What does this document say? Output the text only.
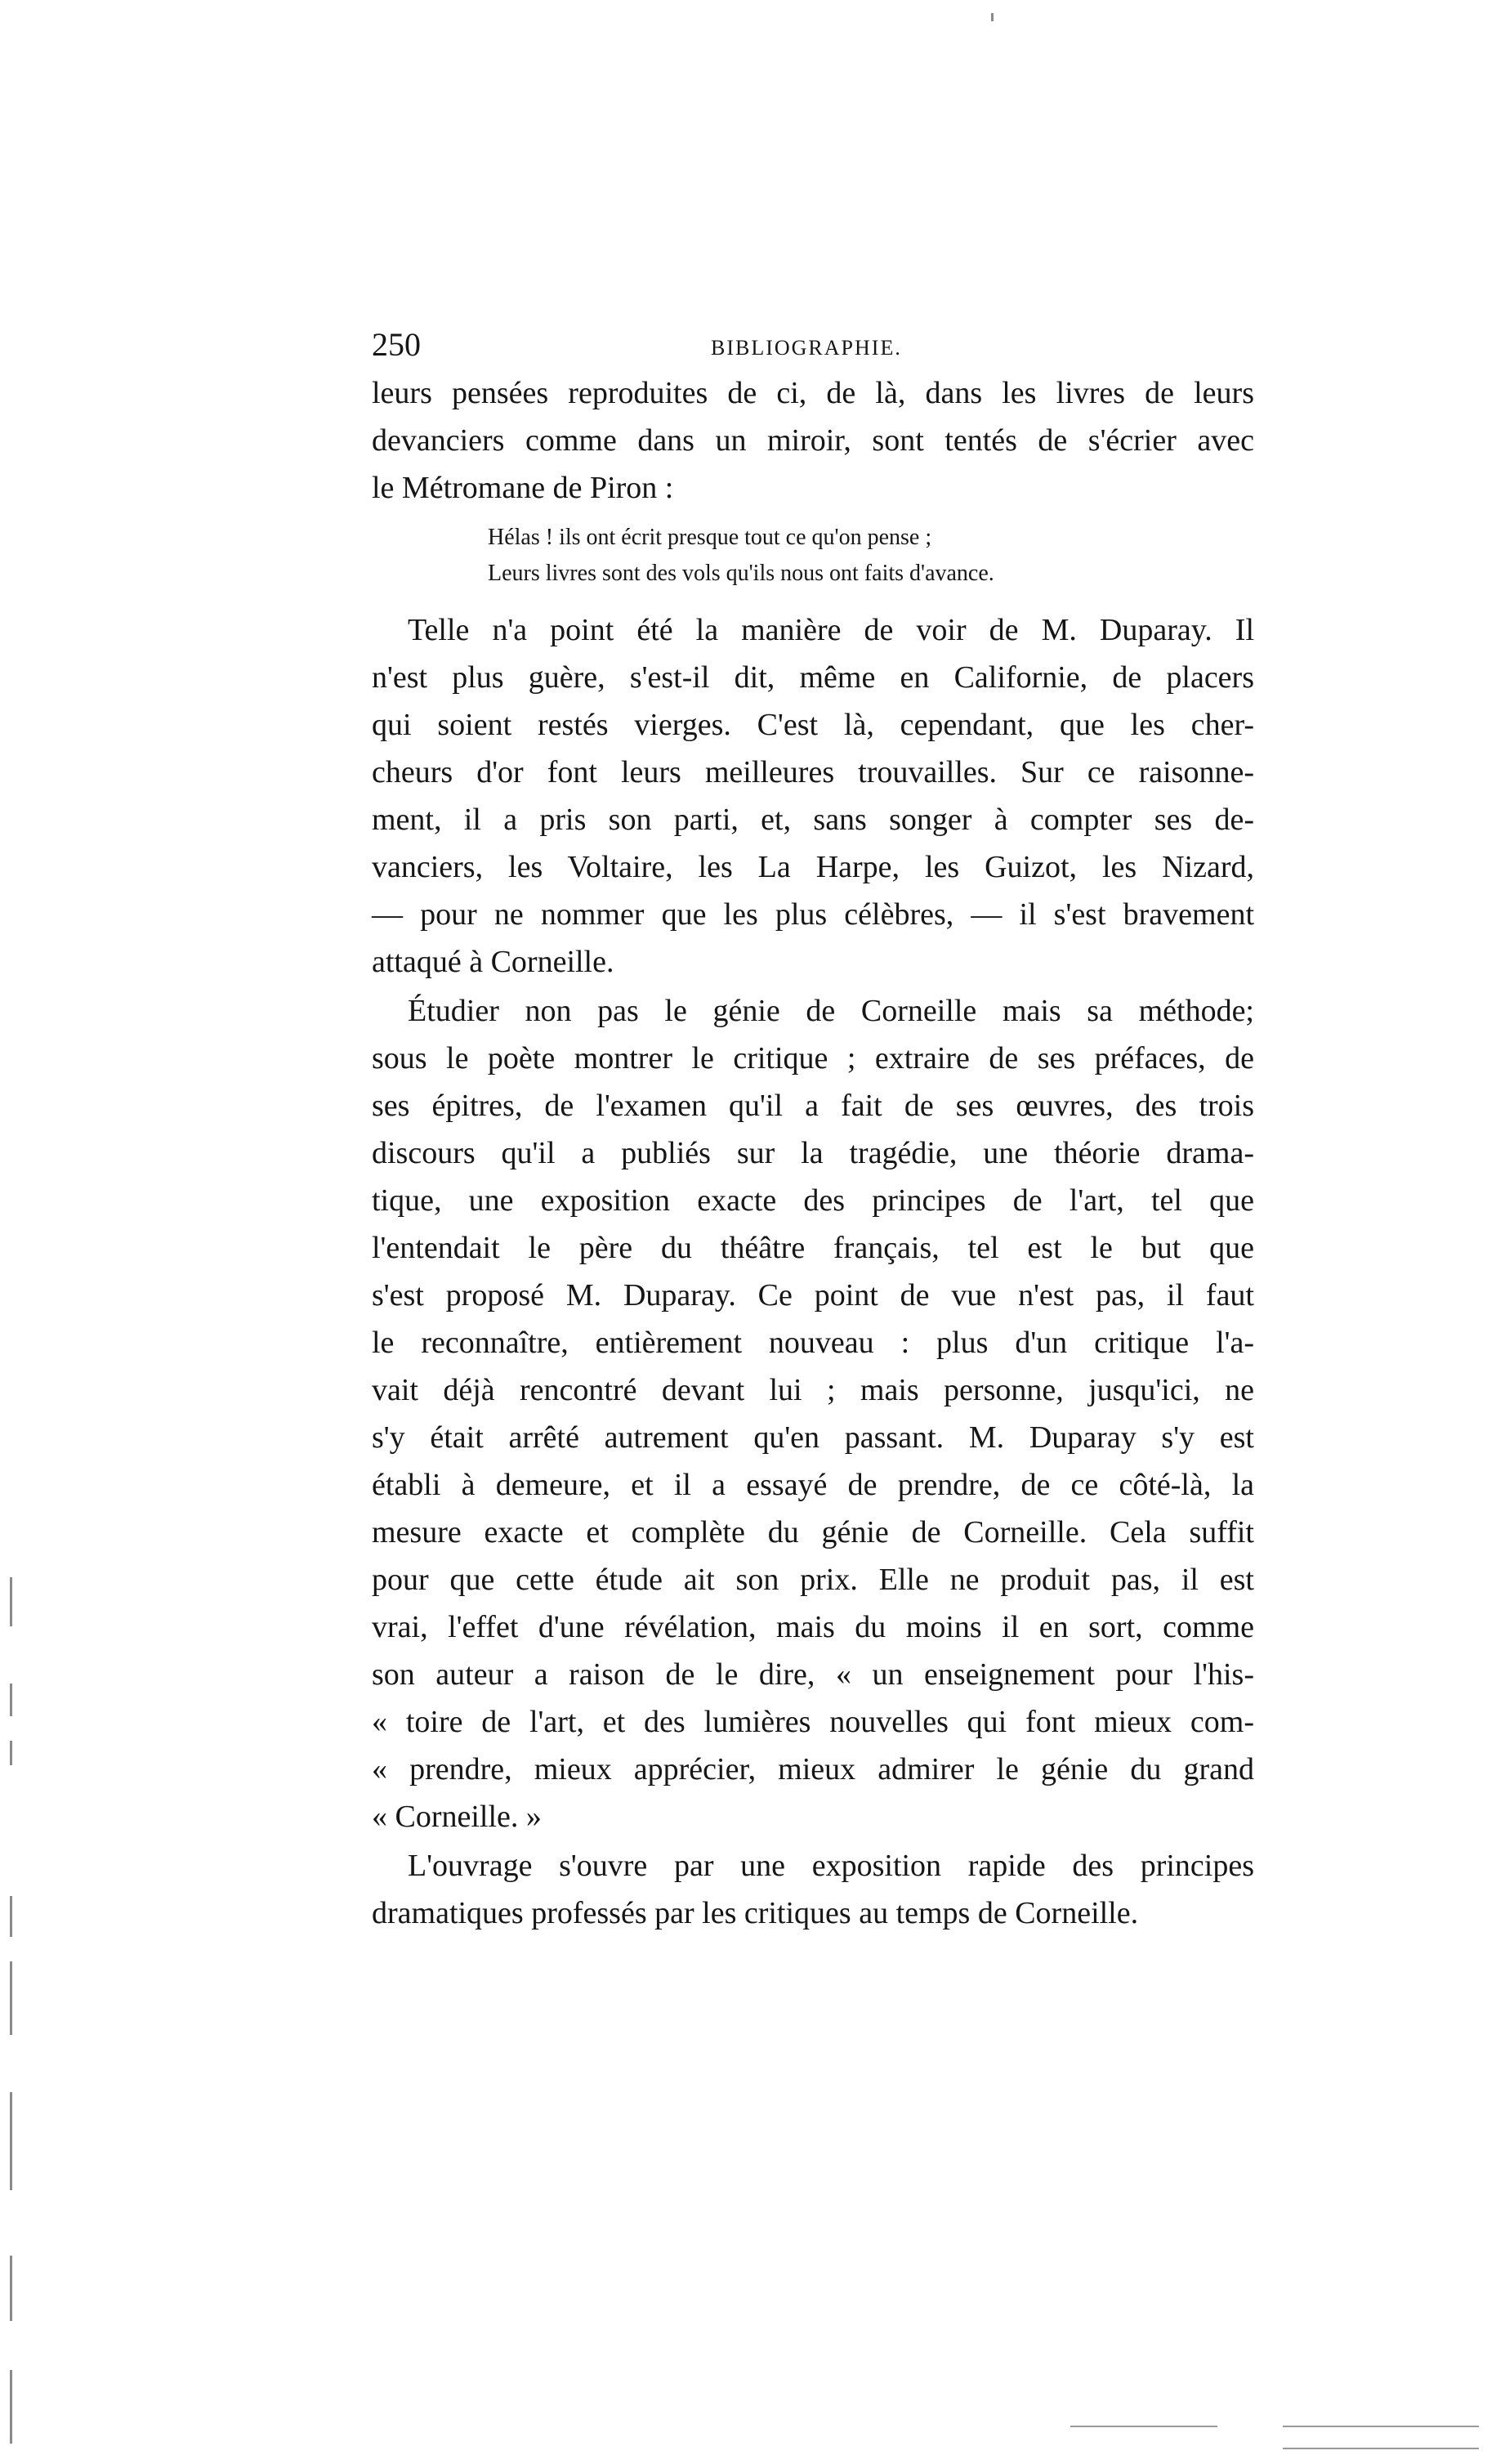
250	BIBLIOGRAPHIE.
leurs pensées reproduites de ci, de là, dans les livres de leurs
devanciers comme dans un miroir, sont tentés de s'écrier avec
le Métromane de Piron :
Hélas ! ils ont écrit presque tout ce qu'on pense ;
Leurs livres sont des vols qu'ils nous ont faits d'avance.
Telle n'a point été la manière de voir de M. Duparay. Il
n'est plus guère, s'est-il dit, même en Californie, de placers
qui soient restés vierges. C'est là, cependant, que les cher-
cheurs d'or font leurs meilleures trouvailles. Sur ce raisonne-
ment, il a pris son parti, et, sans songer à compter ses de-
vanciers, les Voltaire, les La Harpe, les Guizot, les Nizard,
— pour ne nommer que les plus célèbres, — il s'est bravement
attaqué à Corneille.
Étudier non pas le génie de Corneille mais sa méthode;
sous le poète montrer le critique ; extraire de ses préfaces, de
ses épitres, de l'examen qu'il a fait de ses œuvres, des trois
discours qu'il a publiés sur la tragédie, une théorie drama-
tique, une exposition exacte des principes de l'art, tel que
l'entendait le père du théâtre français, tel est le but que
s'est proposé M. Duparay. Ce point de vue n'est pas, il faut
le reconnaître, entièrement nouveau : plus d'un critique l'a-
vait déjà rencontré devant lui ; mais personne, jusqu'ici, ne
s'y était arrêté autrement qu'en passant. M. Duparay s'y est
établi à demeure, et il a essayé de prendre, de ce côté-là, la
mesure exacte et complète du génie de Corneille. Cela suffit
pour que cette étude ait son prix. Elle ne produit pas, il est
vrai, l'effet d'une révélation, mais du moins il en sort, comme
son auteur a raison de le dire, « un enseignement pour l'his-
« toire de l'art, et des lumières nouvelles qui font mieux com-
« prendre, mieux apprécier, mieux admirer le génie du grand
« Corneille. »
L'ouvrage s'ouvre par une exposition rapide des principes
dramatiques professés par les critiques au temps de Corneille.
